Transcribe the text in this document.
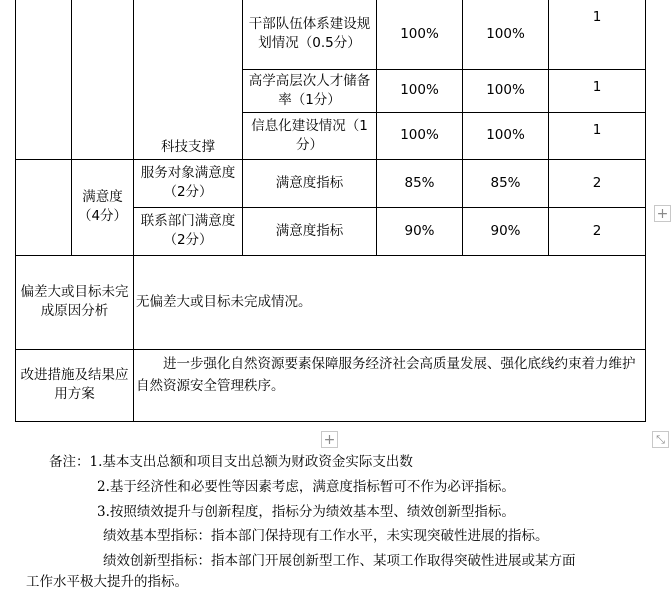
			干部队伍体系建设规划情况（0.5分）	100%	100%	1
			高学高层次人才储备率（1分）	100%	100%	1
		科技支撑	信息化建设情况（1分）	100%	100%	1
	满意度（4分）	服务对象满意度（2分）	满意度指标	85%	85%	2
		联系部门满意度（2分）	满意度指标	90%	90%	2
偏差大或目标未完成原因分析		无偏差大或目标未完成情况。				
改进措施及结果应用方案		进一步强化自然资源要素保障服务经济社会高质量发展、强化底线约束着力维护自然资源安全管理秩序。				
+
+	⤡
备注：1.基本支出总额和项目支出总额为财政资金实际支出数
2.基于经济性和必要性等因素考虑，满意度指标暂可不作为必评指标。
3.按照绩效提升与创新程度，指标分为绩效基本型、绩效创新型指标。
绩效基本型指标：指本部门保持现有工作水平，未实现突破性进展的指标。
绩效创新型指标：指本部门开展创新型工作、某项工作取得突破性进展或某方面
工作水平极大提升的指标。
